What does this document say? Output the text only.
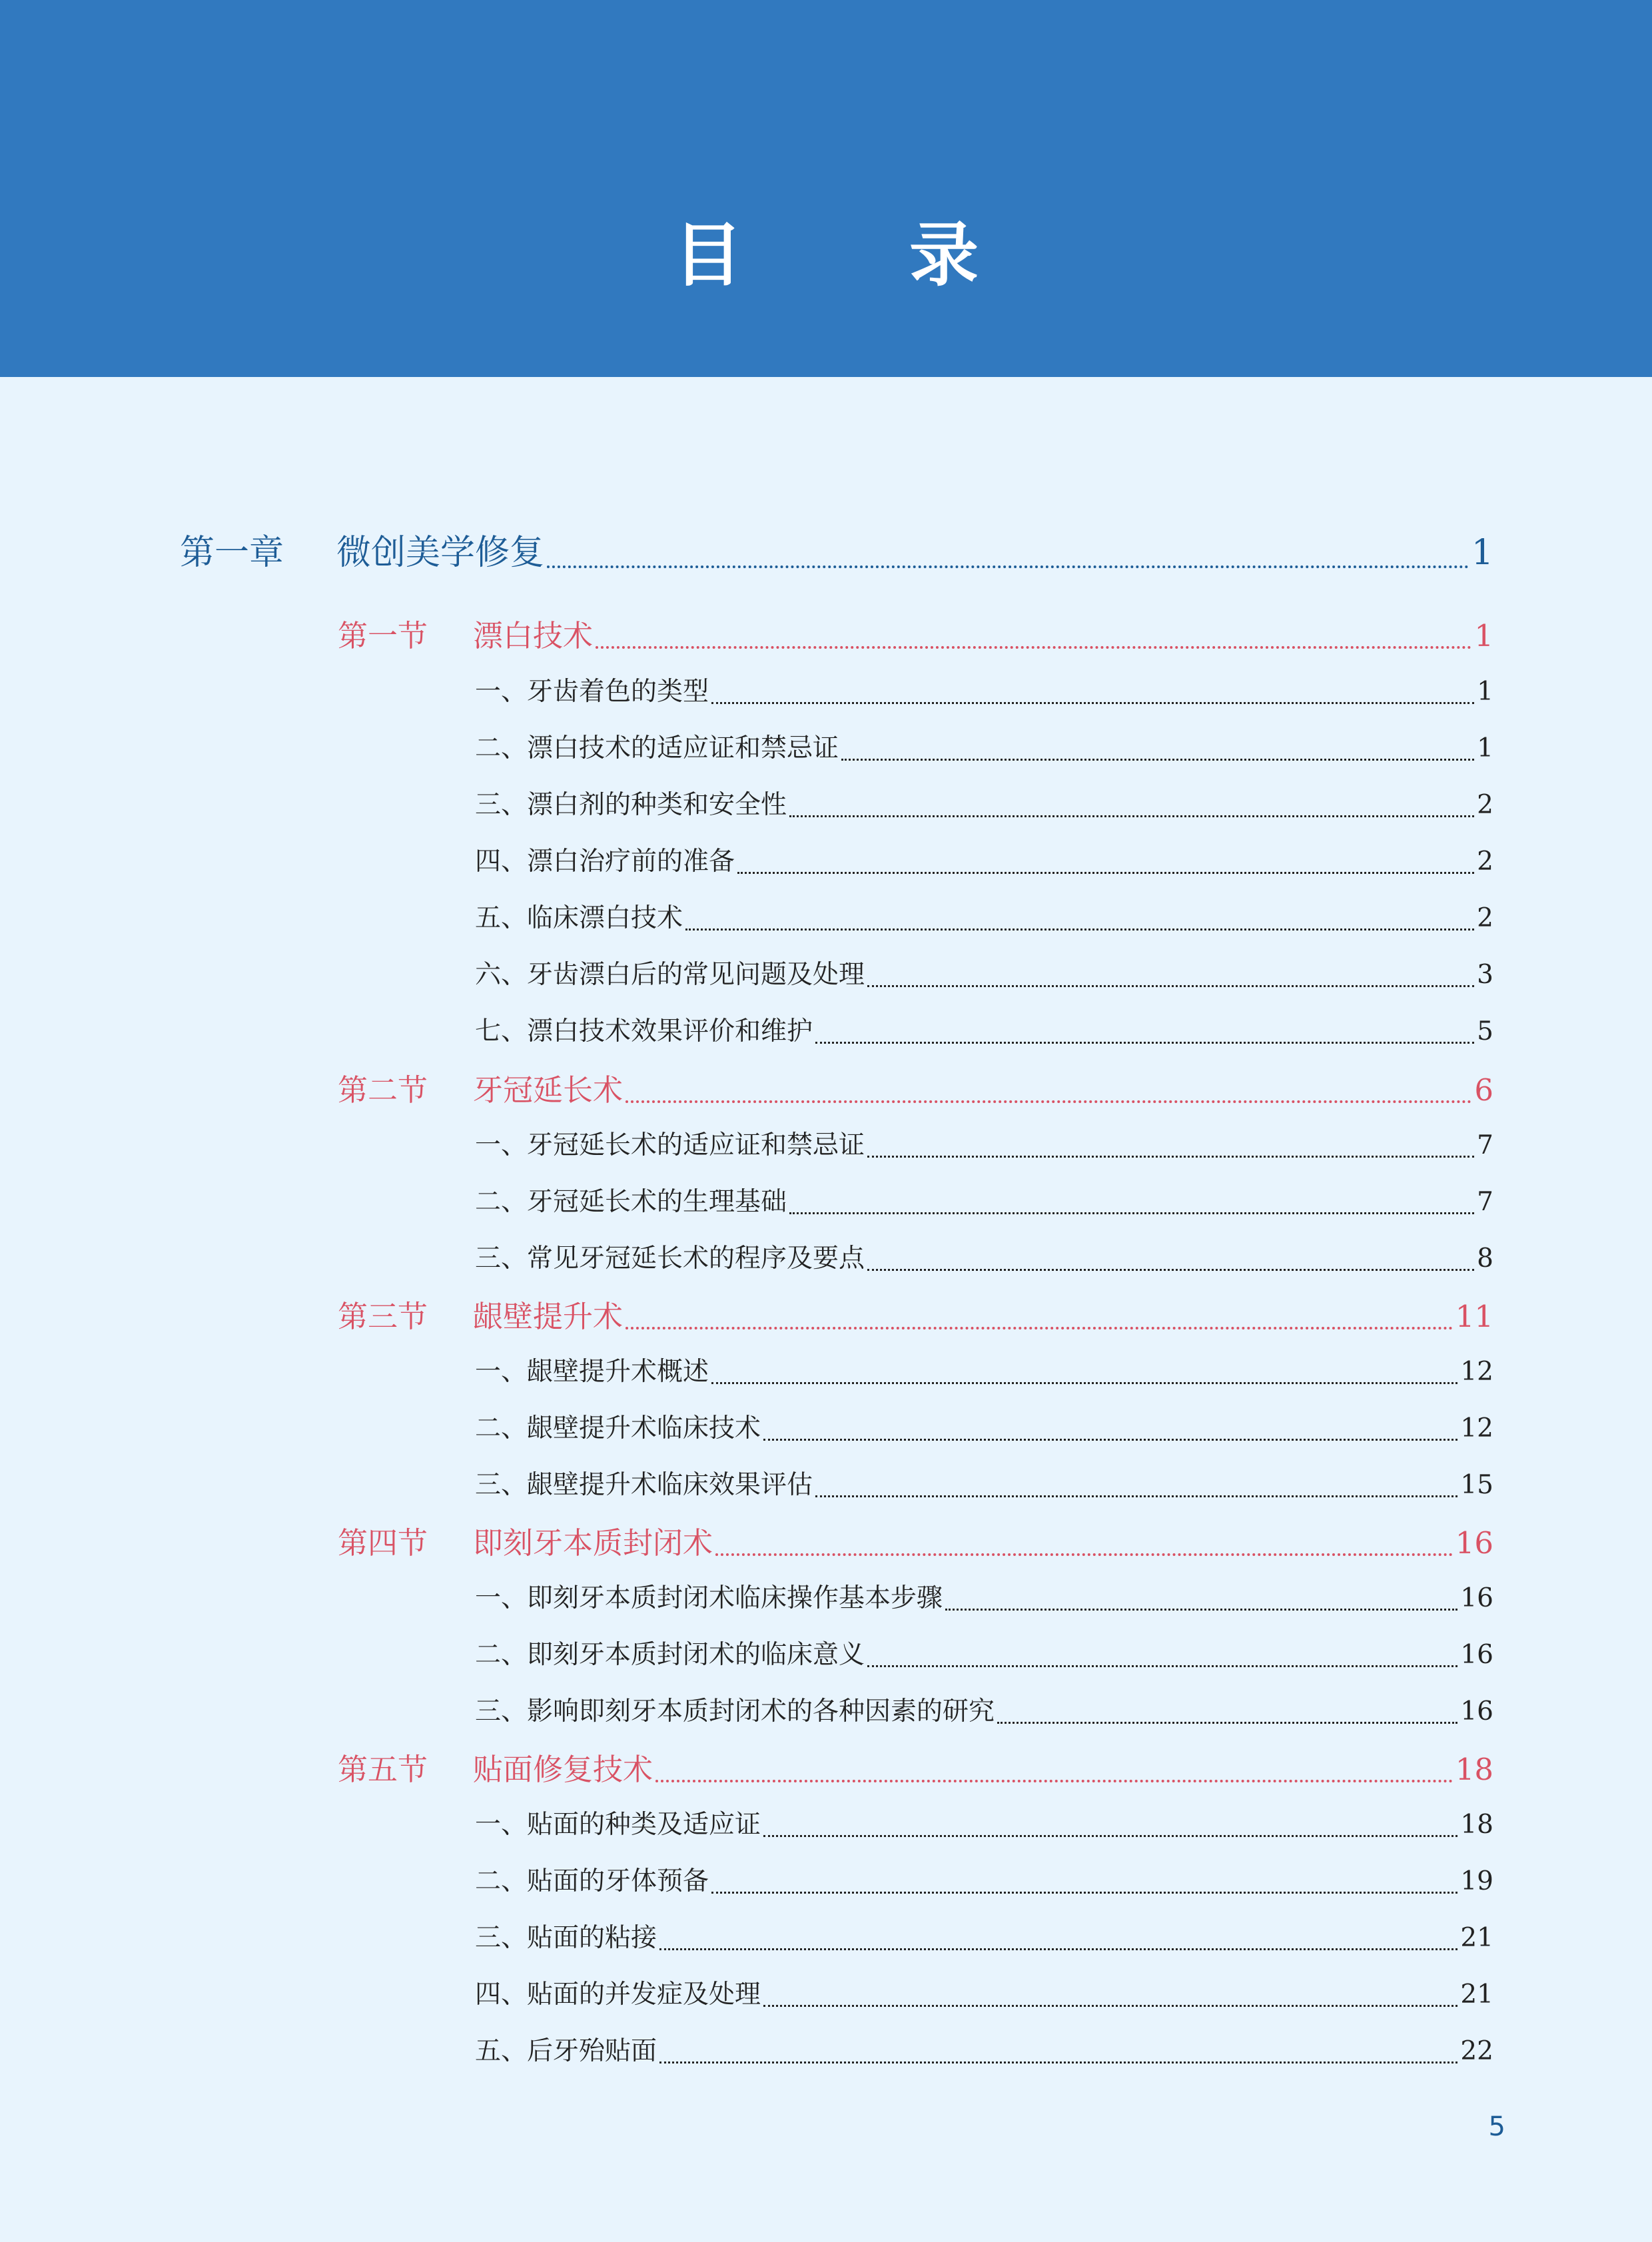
目 录
第一章	微创美学修复	1
第一节	漂白技术	1
一、牙齿着色的类型	1
二、漂白技术的适应证和禁忌证	1
三、漂白剂的种类和安全性	2
四、漂白治疗前的准备	2
五、临床漂白技术	2
六、牙齿漂白后的常见问题及处理	3
七、漂白技术效果评价和维护	5
第二节	牙冠延长术	6
一、牙冠延长术的适应证和禁忌证	7
二、牙冠延长术的生理基础	7
三、常见牙冠延长术的程序及要点	8
第三节	龈壁提升术	11
一、龈壁提升术概述	12
二、龈壁提升术临床技术	12
三、龈壁提升术临床效果评估	15
第四节	即刻牙本质封闭术	16
一、即刻牙本质封闭术临床操作基本步骤	16
二、即刻牙本质封闭术的临床意义	16
三、影响即刻牙本质封闭术的各种因素的研究	16
第五节	贴面修复技术	18
一、贴面的种类及适应证	18
二、贴面的牙体预备	19
三、贴面的粘接	21
四、贴面的并发症及处理	21
五、后牙殆贴面	22
5
